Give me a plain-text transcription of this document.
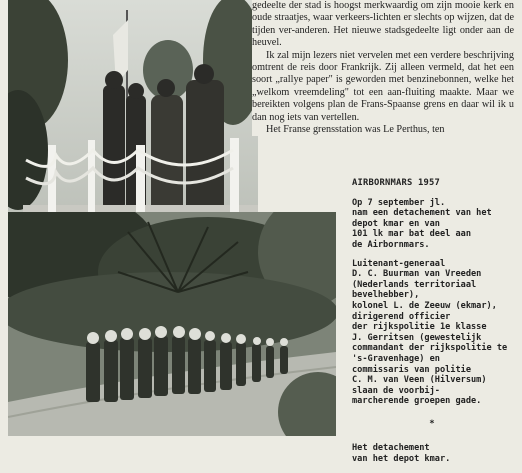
gedeelte der stad is hoogst merkwaardig om zijn mooie kerk en oude straatjes, waar verkeers-lichten er slechts op wijzen, dat de tijden ver-anderen. Het nieuwe stadsgedeelte ligt onder aan de heuvel.

Ik zal mijn lezers niet vervelen met een verdere beschrijving omtrent de reis door Frankrijk. Zij alleen vermeld, dat het een soort „rallye paper" is geworden met benzinebonnen, welke het „welkom vreemdeling" tot een aan-fluiting maakte. Maar we bereikten volgens plan de Frans-Spaanse grens en daar wil ik u dan nog iets van vertellen.

Het Franse grensstation was Le Perthus, ten

AIRBORNMARS 1957
Op 7 september jl.
nam een detachement van het
depot kmar en van
101 lk mar bat deel aan
de Airbornmars.
Luitenant-generaal
D. C. Buurman van Vreeden
(Nederlands territoriaal
bevelhebber),
kolonel L. de Zeeuw (ekmar),
dirigerend officier
der rijkspolitie 1e klasse
J. Gerritsen (gewestelijk
commandant der rijkspolitie te
's-Gravenhage) en
commissaris van politie
C. M. van Veen (Hilversum)
slaan de voorbij-
marcherende groepen gade.
*
Het detachement
van het depot kmar.
